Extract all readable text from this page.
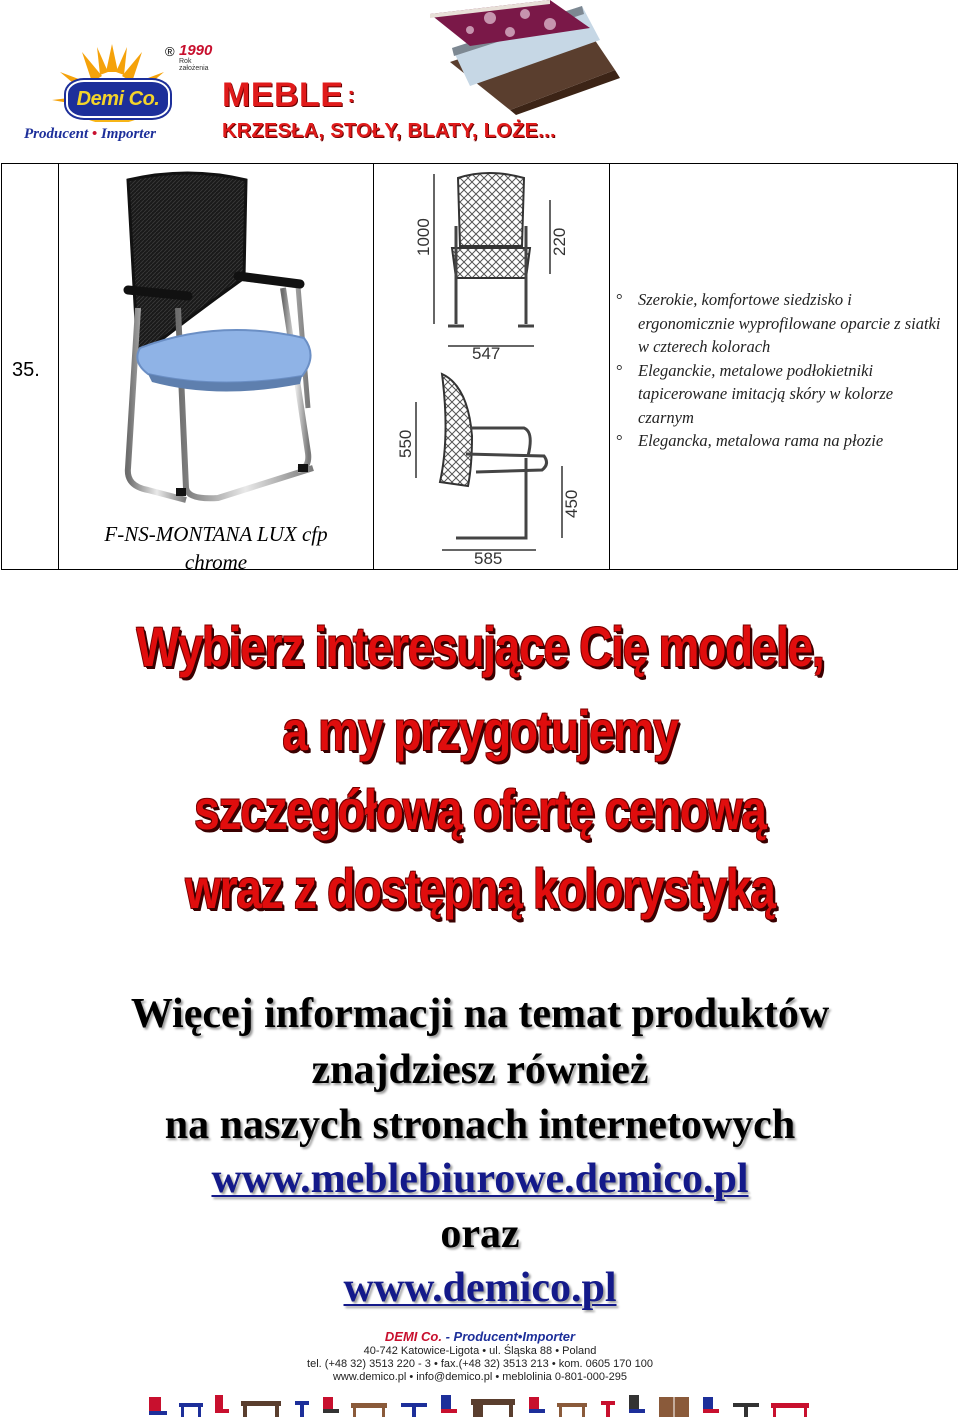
Demi Co.
® 1990
Rok założenia
Producent • Importer
MEBLE :
KRZESŁA, STOŁY, BLATY, LOŻE...
35.
F-NS-MONTANA LUX cfp
chrome
1000	220
547
550
450
585
° Szerokie, komfortowe siedzisko i ergonomicznie wyprofilowane oparcie z siatki w czterech kolorach
° Eleganckie, metalowe podłokietniki tapicerowane imitacją skóry w kolorze czarnym
° Elegancka, metalowa rama na płozie
Wybierz interesujące Cię modele,
a my przygotujemy
szczegółową ofertę cenową
wraz z dostępną kolorystyką
Więcej informacji na temat produktów
znajdziesz również
na naszych stronach internetowych
www.meblebiurowe.demico.pl
oraz
www.demico.pl
DEMI Co. - Producent•Importer
40-742 Katowice-Ligota • ul. Śląska 88 • Poland
tel. (+48 32) 3513 220 - 3 • fax.(+48 32) 3513 213 • kom. 0605 170 100
www.demico.pl • info@demico.pl • meblolinia 0-801-000-295
